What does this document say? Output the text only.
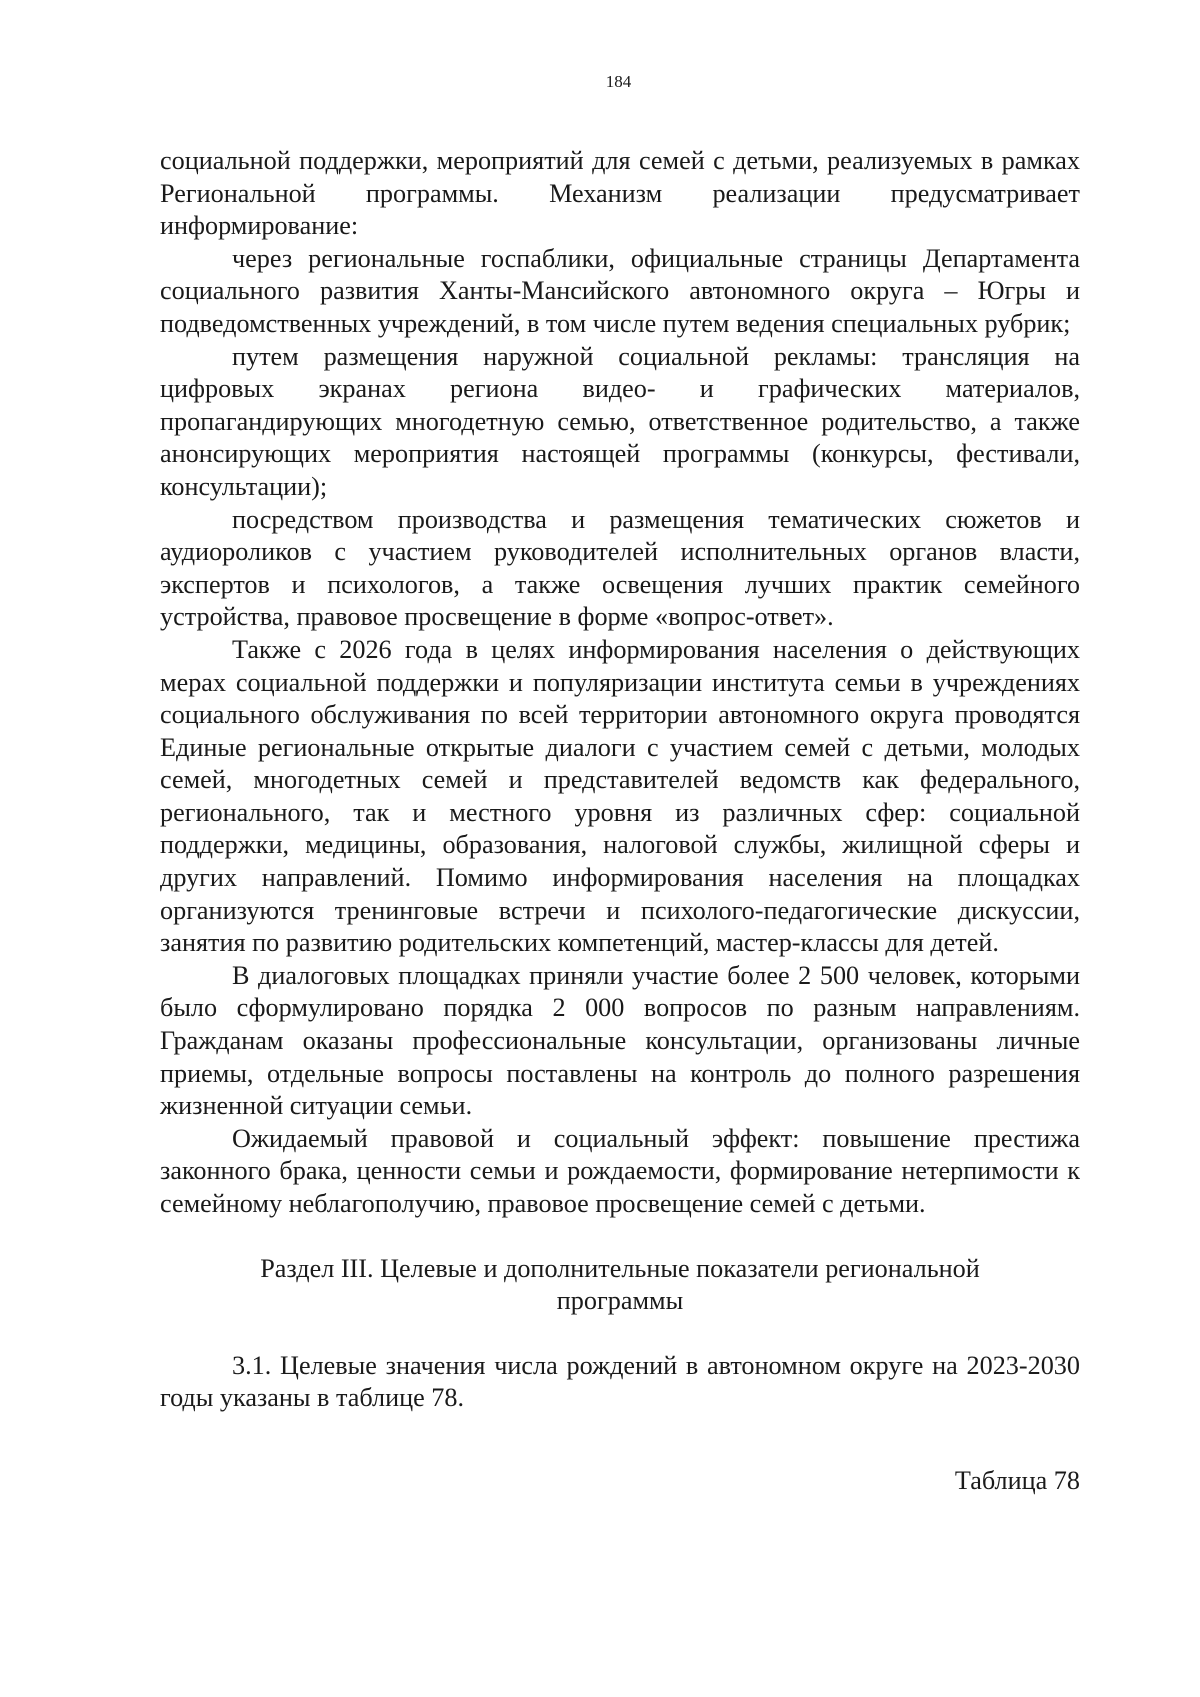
184

социальной поддержки, мероприятий для семей с детьми, реализуемых в рамках Региональной программы. Механизм реализации предусматривает информирование:

через региональные госпаблики, официальные страницы Департамента социального развития Ханты-Мансийского автономного округа – Югры и подведомственных учреждений, в том числе путем ведения специальных рубрик;

путем размещения наружной социальной рекламы: трансляция на цифровых экранах региона видео- и графических материалов, пропагандирующих многодетную семью, ответственное родительство, а также анонсирующих мероприятия настоящей программы (конкурсы, фестивали, консультации);

посредством производства и размещения тематических сюжетов и аудиороликов с участием руководителей исполнительных органов власти, экспертов и психологов, а также освещения лучших практик семейного устройства, правовое просвещение в форме «вопрос-ответ».

Также с 2026 года в целях информирования населения о действующих мерах социальной поддержки и популяризации института семьи в учреждениях социального обслуживания по всей территории автономного округа проводятся Единые региональные открытые диалоги с участием семей с детьми, молодых семей, многодетных семей и представителей ведомств как федерального, регионального, так и местного уровня из различных сфер: социальной поддержки, медицины, образования, налоговой службы, жилищной сферы и других направлений. Помимо информирования населения на площадках организуются тренинговые встречи и психолого-педагогические дискуссии, занятия по развитию родительских компетенций, мастер-классы для детей.

В диалоговых площадках приняли участие более 2 500 человек, которыми было сформулировано порядка 2 000 вопросов по разным направлениям. Гражданам оказаны профессиональные консультации, организованы личные приемы, отдельные вопросы поставлены на контроль до полного разрешения жизненной ситуации семьи.

Ожидаемый правовой и социальный эффект: повышение престижа законного брака, ценности семьи и рождаемости, формирование нетерпимости к семейному неблагополучию, правовое просвещение семей с детьми.

Раздел III. Целевые и дополнительные показатели региональной
программы

3.1. Целевые значения числа рождений в автономном округе на 2023-2030 годы указаны в таблице 78.

Таблица 78
